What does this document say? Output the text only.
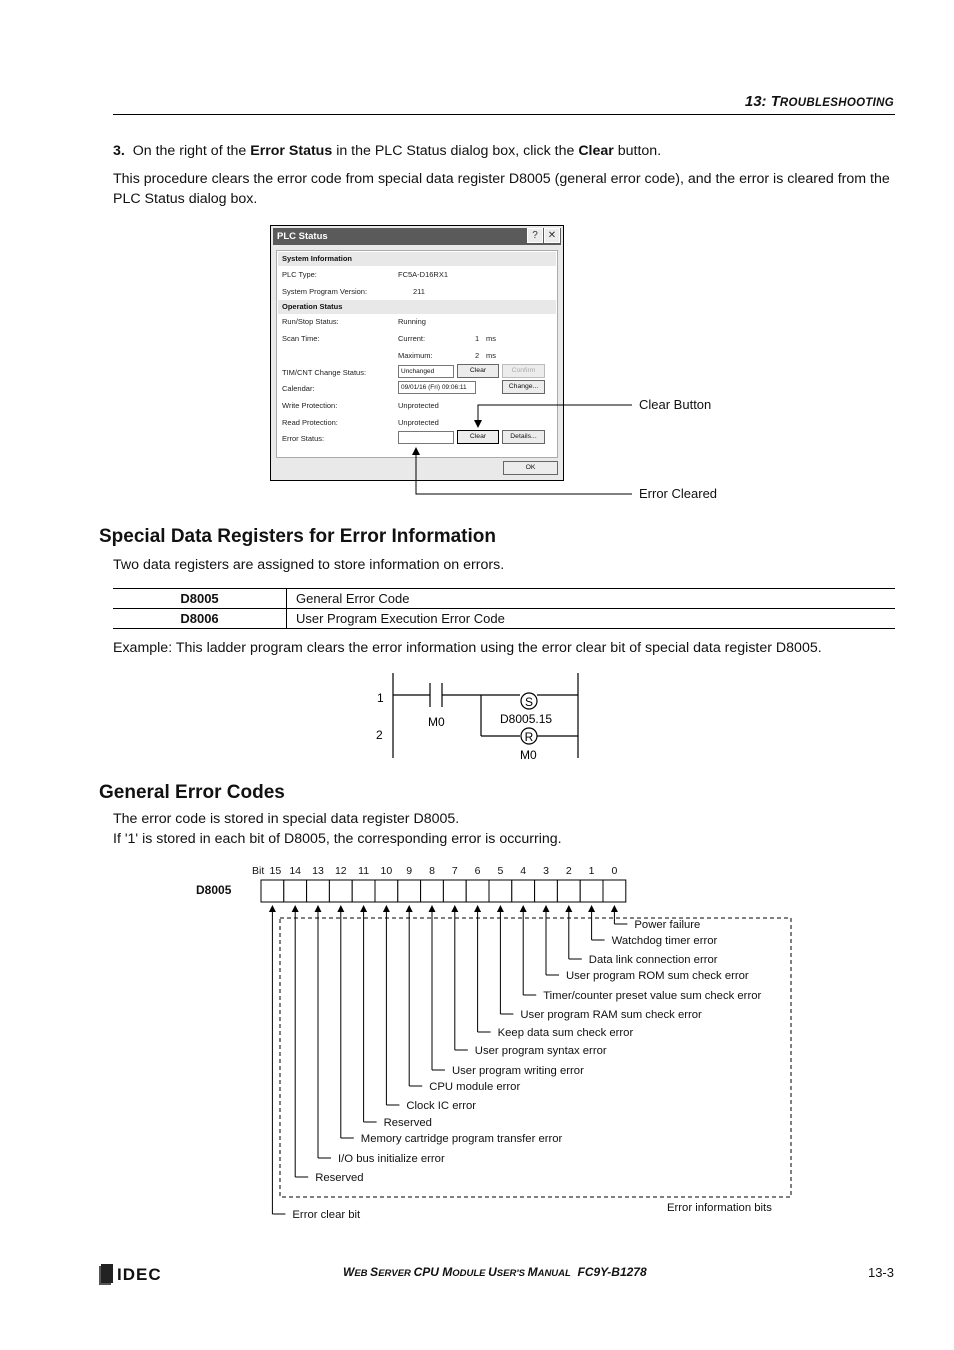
13: TROUBLESHOOTING
3. On the right of the Error Status in the PLC Status dialog box, click the Clear button.
This procedure clears the error code from special data register D8005 (general error code), and the error is cleared from the PLC Status dialog box.
PLC Status	?	✕
System Information
PLC Type:	FC5A-D16RX1
System Program Version:	211
Operation Status
Run/Stop Status:	Running
Scan Time:	Current:	1 ms
Maximum:	2 ms
TIM/CNT Change Status:	Unchanged	Clear	Confirm
Calendar:	09/01/16 (Fri) 09:06:11	Change...
Write Protection:	Unprotected
Read Protection:	Unprotected
Error Status:	Clear	Details...
OK
Clear Button
Error Cleared
Special Data Registers for Error Information
Two data registers are assigned to store information on errors.
D8005	General Error Code
D8006	User Program Execution Error Code
Example: This ladder program clears the error information using the error clear bit of special data register D8005.
1
2
M0
S
D8005.15
R
M0
General Error Codes
The error code is stored in special data register D8005.
If '1' is stored in each bit of D8005, the corresponding error is occurring.
D8005
Bit 15 14 13 12 11 10 9 8 7 6 5 4 3 2 1 0
Error clear bit
Reserved
I/O bus initialize error
Memory cartridge program transfer error
Reserved
Clock IC error
CPU module error
User program writing error
User program syntax error
Keep data sum check error
User program RAM sum check error
Timer/counter preset value sum check error
User program ROM sum check error
Data link connection error
Watchdog timer error
Power failure
Error information bits
IDEC	WEB SERVER CPU MODULE USER'S MANUAL FC9Y-B1278	13-3
